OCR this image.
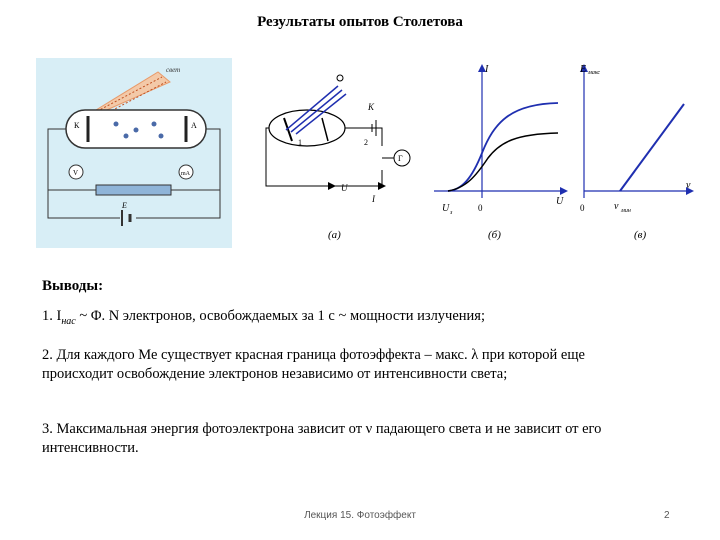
Результаты опытов Столетова
свет
К	А
V	mA
E
К
1	2
Г
U
I
(а)
I
U
U з	0
(б)
E макс
ν
0	ν мин
(в)
Выводы:
1. $I_{нас}$ ~ Φ. N электронов, освобождаемых за 1 с ~ мощности излучения;
2. Для каждого Ме существует красная граница фотоэффекта – макс. λ при которой еще происходит освобождение электронов независимо от интенсивности света;
3. Максимальная энергия фотоэлектрона зависит от ν падающего света и не зависит от его интенсивности.
Лекция 15. Фотоэффект	2
